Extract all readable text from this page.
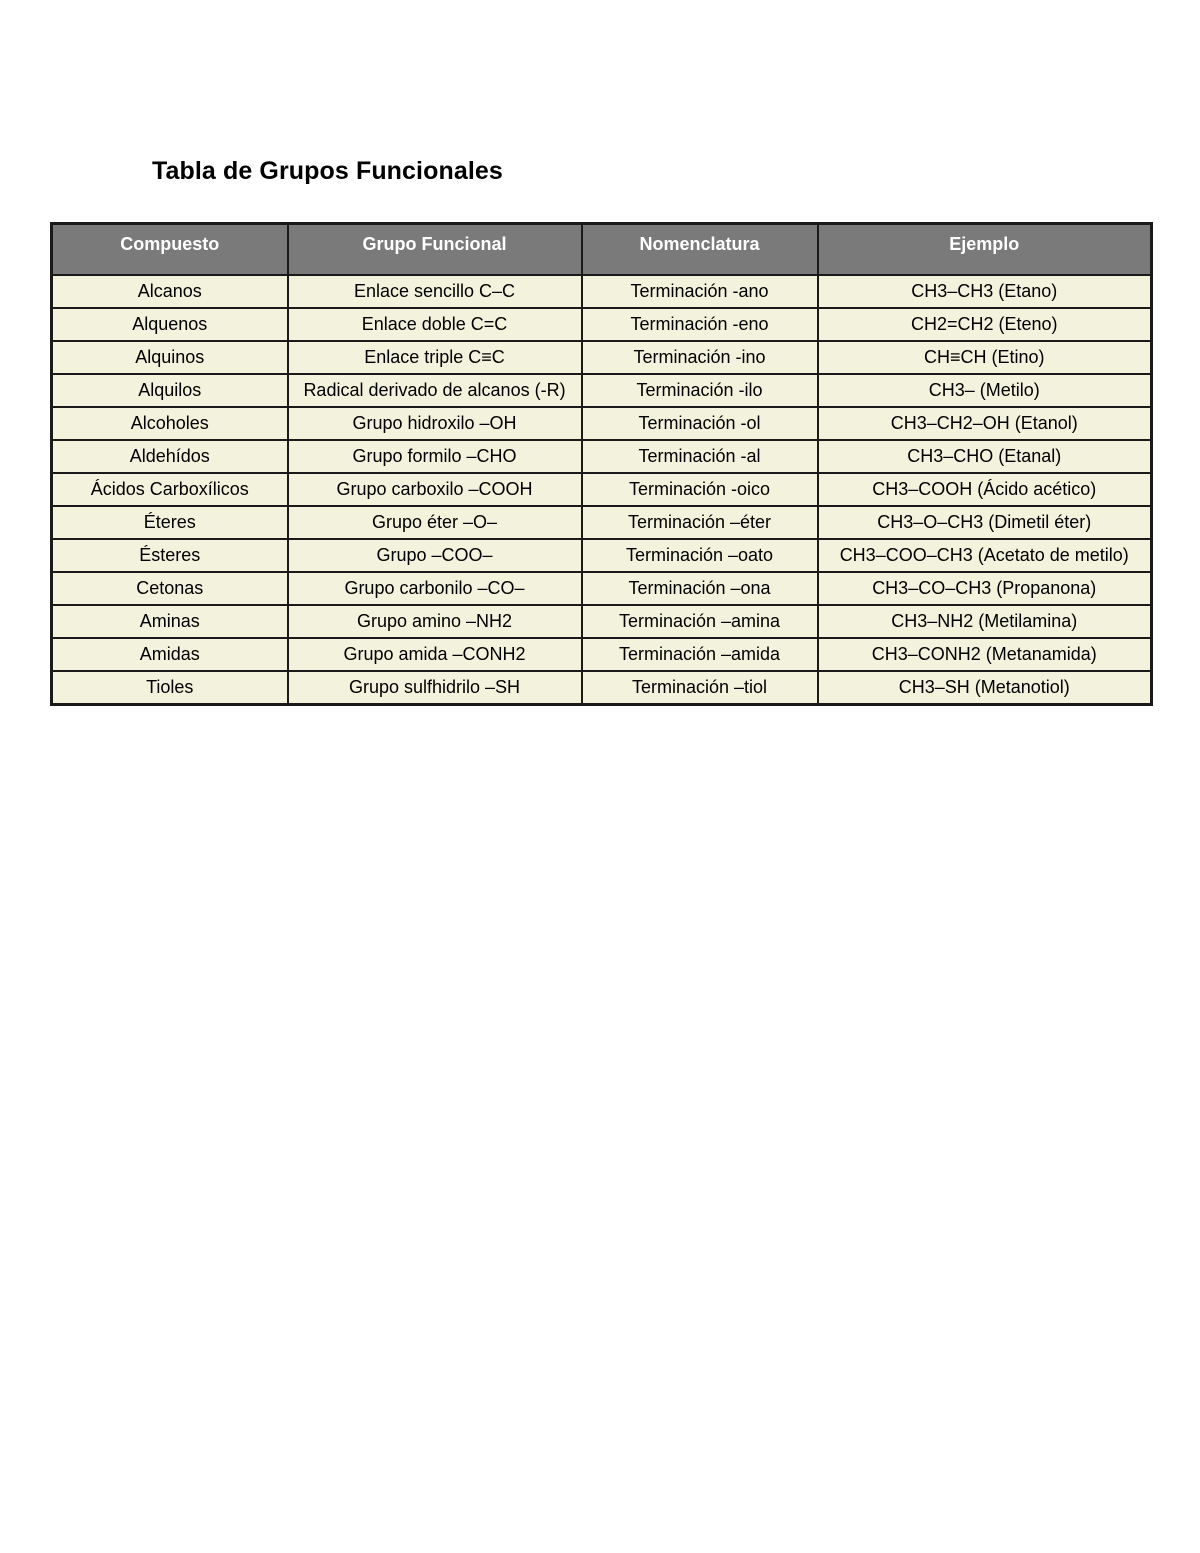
Tabla de Grupos Funcionales
Compuesto	Grupo Funcional	Nomenclatura	Ejemplo
Alcanos	Enlace sencillo C–C	Terminación -ano	CH3–CH3 (Etano)
Alquenos	Enlace doble C=C	Terminación -eno	CH2=CH2 (Eteno)
Alquinos	Enlace triple C≡C	Terminación -ino	CH≡CH (Etino)
Alquilos	Radical derivado de alcanos (-R)	Terminación -ilo	CH3– (Metilo)
Alcoholes	Grupo hidroxilo –OH	Terminación -ol	CH3–CH2–OH (Etanol)
Aldehídos	Grupo formilo –CHO	Terminación -al	CH3–CHO (Etanal)
Ácidos Carboxílicos	Grupo carboxilo –COOH	Terminación -oico	CH3–COOH (Ácido acético)
Éteres	Grupo éter –O–	Terminación –éter	CH3–O–CH3 (Dimetil éter)
Ésteres	Grupo –COO–	Terminación –oato	CH3–COO–CH3 (Acetato de metilo)
Cetonas	Grupo carbonilo –CO–	Terminación –ona	CH3–CO–CH3 (Propanona)
Aminas	Grupo amino –NH2	Terminación –amina	CH3–NH2 (Metilamina)
Amidas	Grupo amida –CONH2	Terminación –amida	CH3–CONH2 (Metanamida)
Tioles	Grupo sulfhidrilo –SH	Terminación –tiol	CH3–SH (Metanotiol)
